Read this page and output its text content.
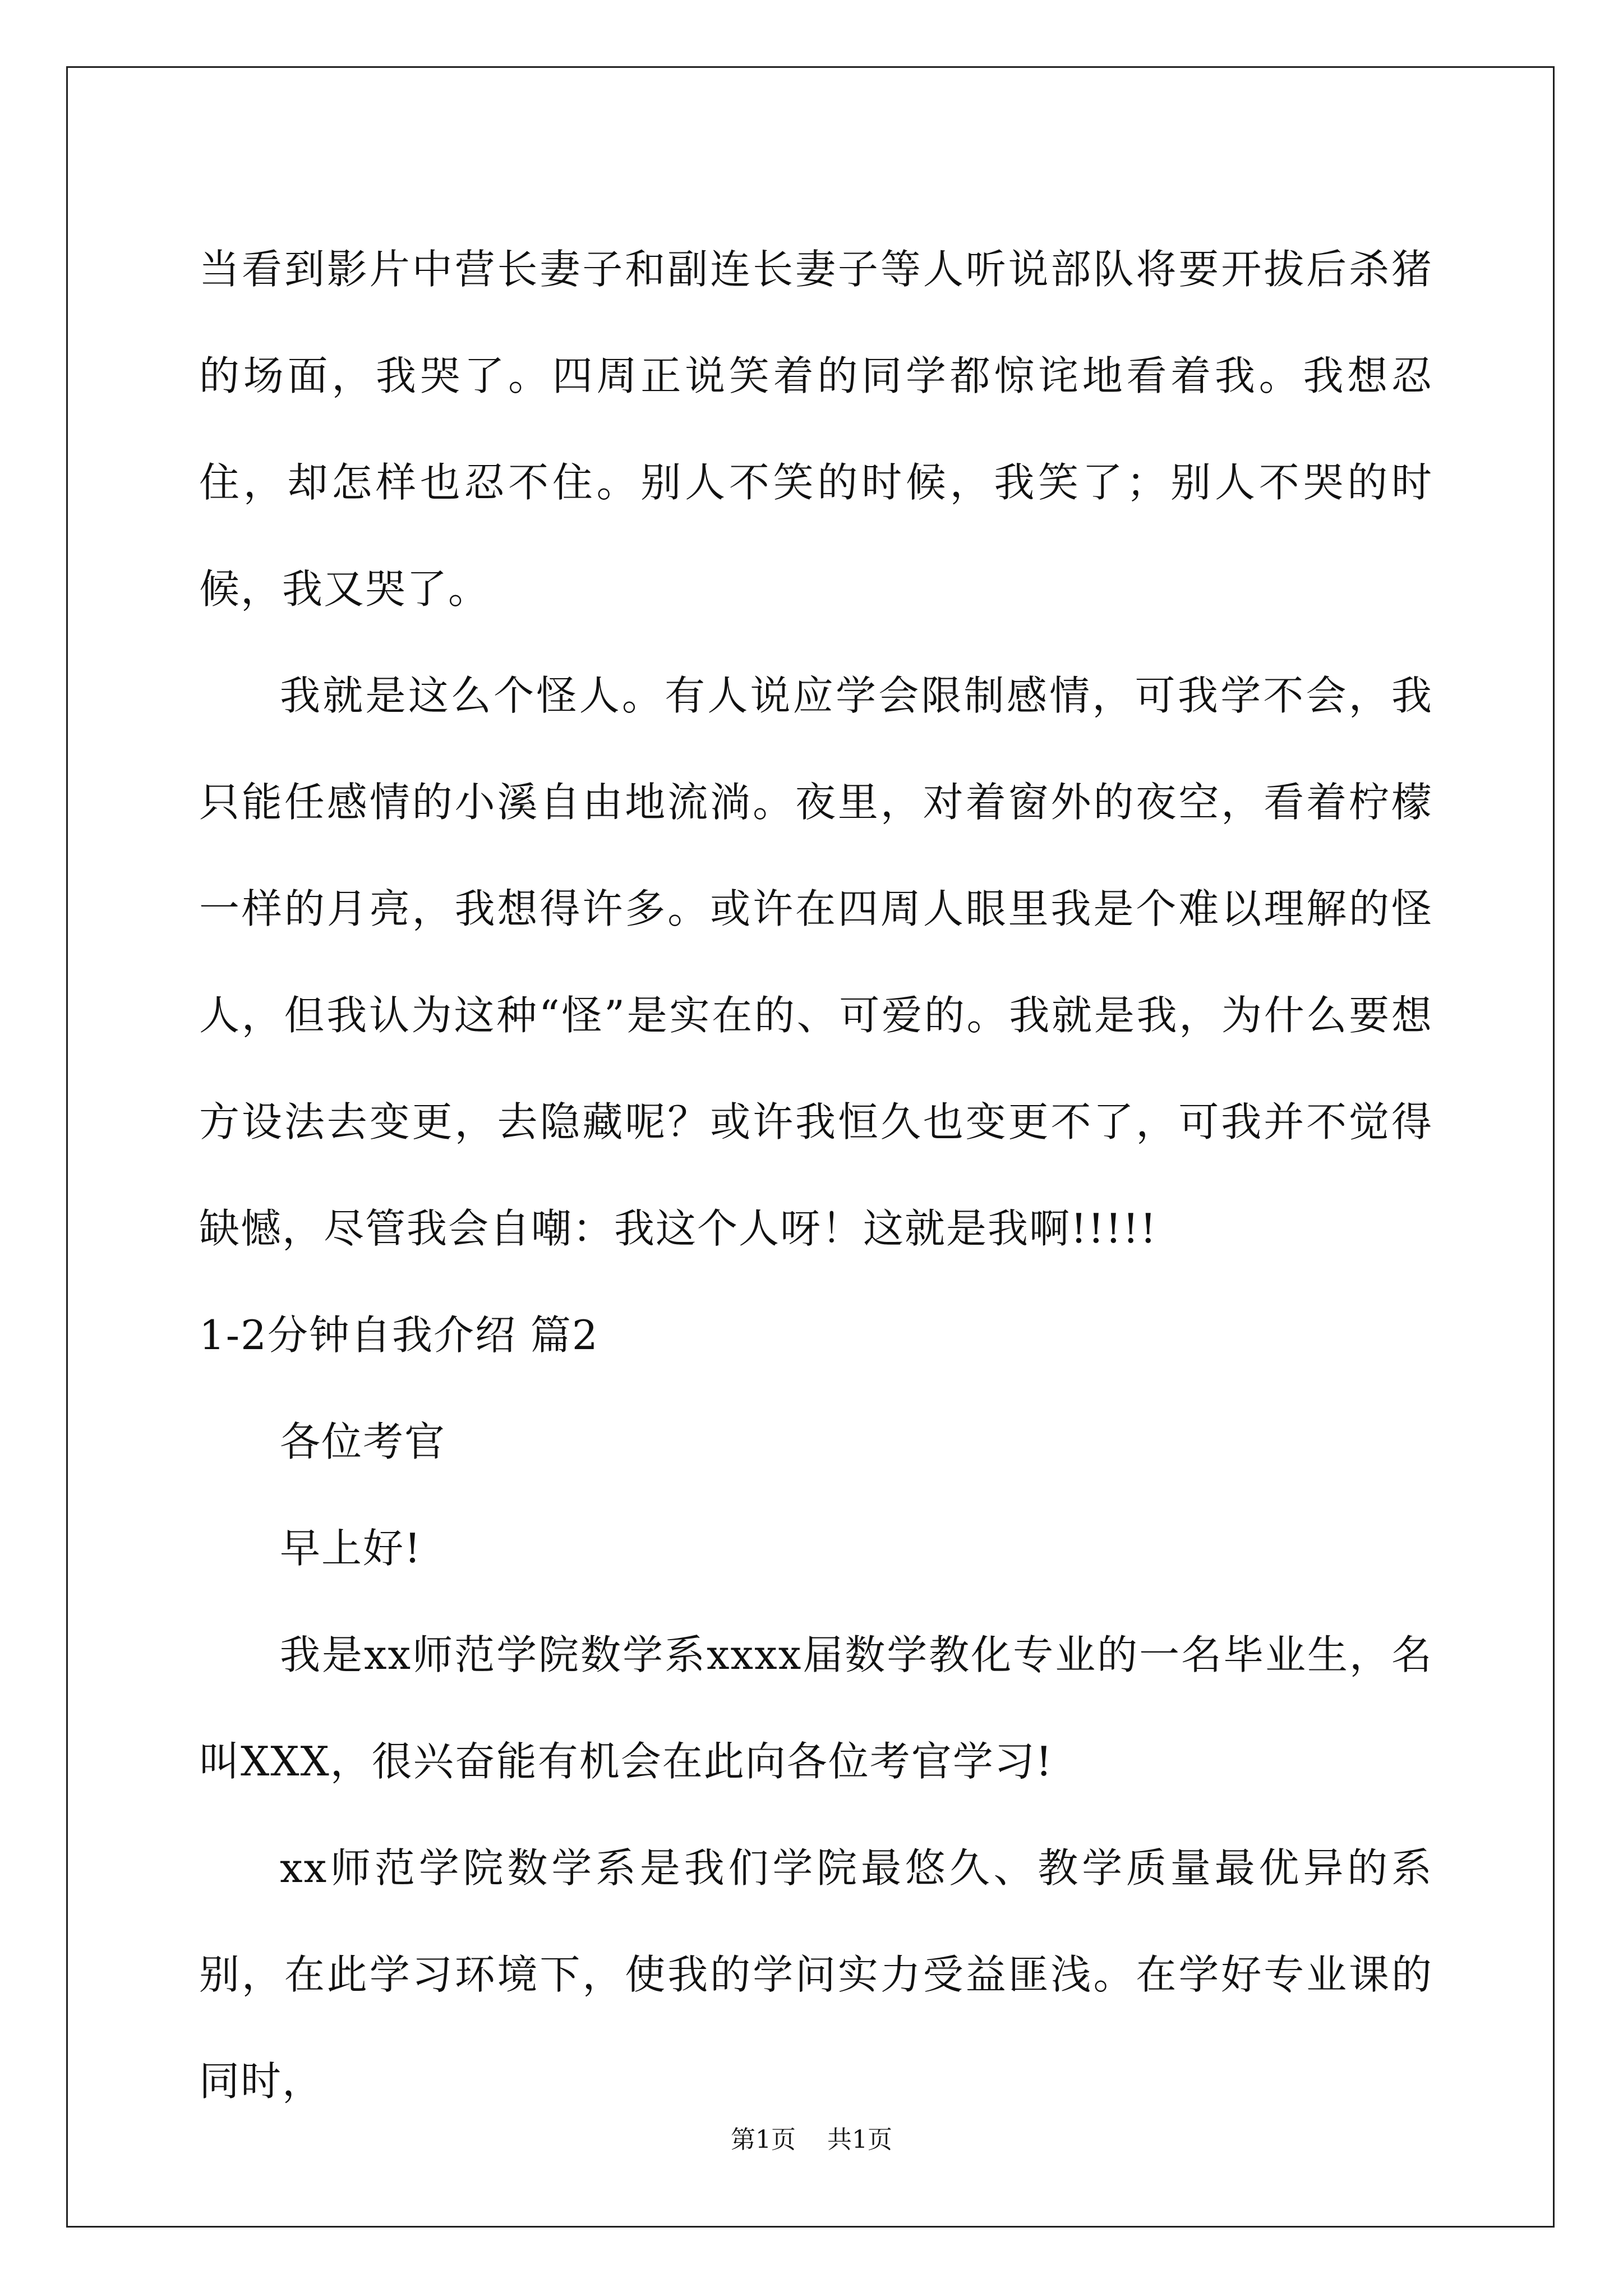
当看到影片中营长妻子和副连长妻子等人听说部队将要开拔后杀猪的场面，我哭了。四周正说笑着的同学都惊诧地看着我。我想忍住，却怎样也忍不住。别人不笑的时候，我笑了；别人不哭的时候，我又哭了。

我就是这么个怪人。有人说应学会限制感情，可我学不会，我只能任感情的小溪自由地流淌。夜里，对着窗外的夜空，看着柠檬一样的月亮，我想得许多。或许在四周人眼里我是个难以理解的怪人，但我认为这种“怪”是实在的、可爱的。我就是我，为什么要想方设法去变更，去隐藏呢？或许我恒久也变更不了，可我并不觉得缺憾，尽管我会自嘲：我这个人呀！这就是我啊!!!!!

1-2分钟自我介绍 篇2

各位考官

早上好!

我是xx师范学院数学系xxxx届数学教化专业的一名毕业生，名叫XXX，很兴奋能有机会在此向各位考官学习!

xx师范学院数学系是我们学院最悠久、教学质量最优异的系别，在此学习环境下，使我的学问实力受益匪浅。在学好专业课的同时，

第1页 共1页
